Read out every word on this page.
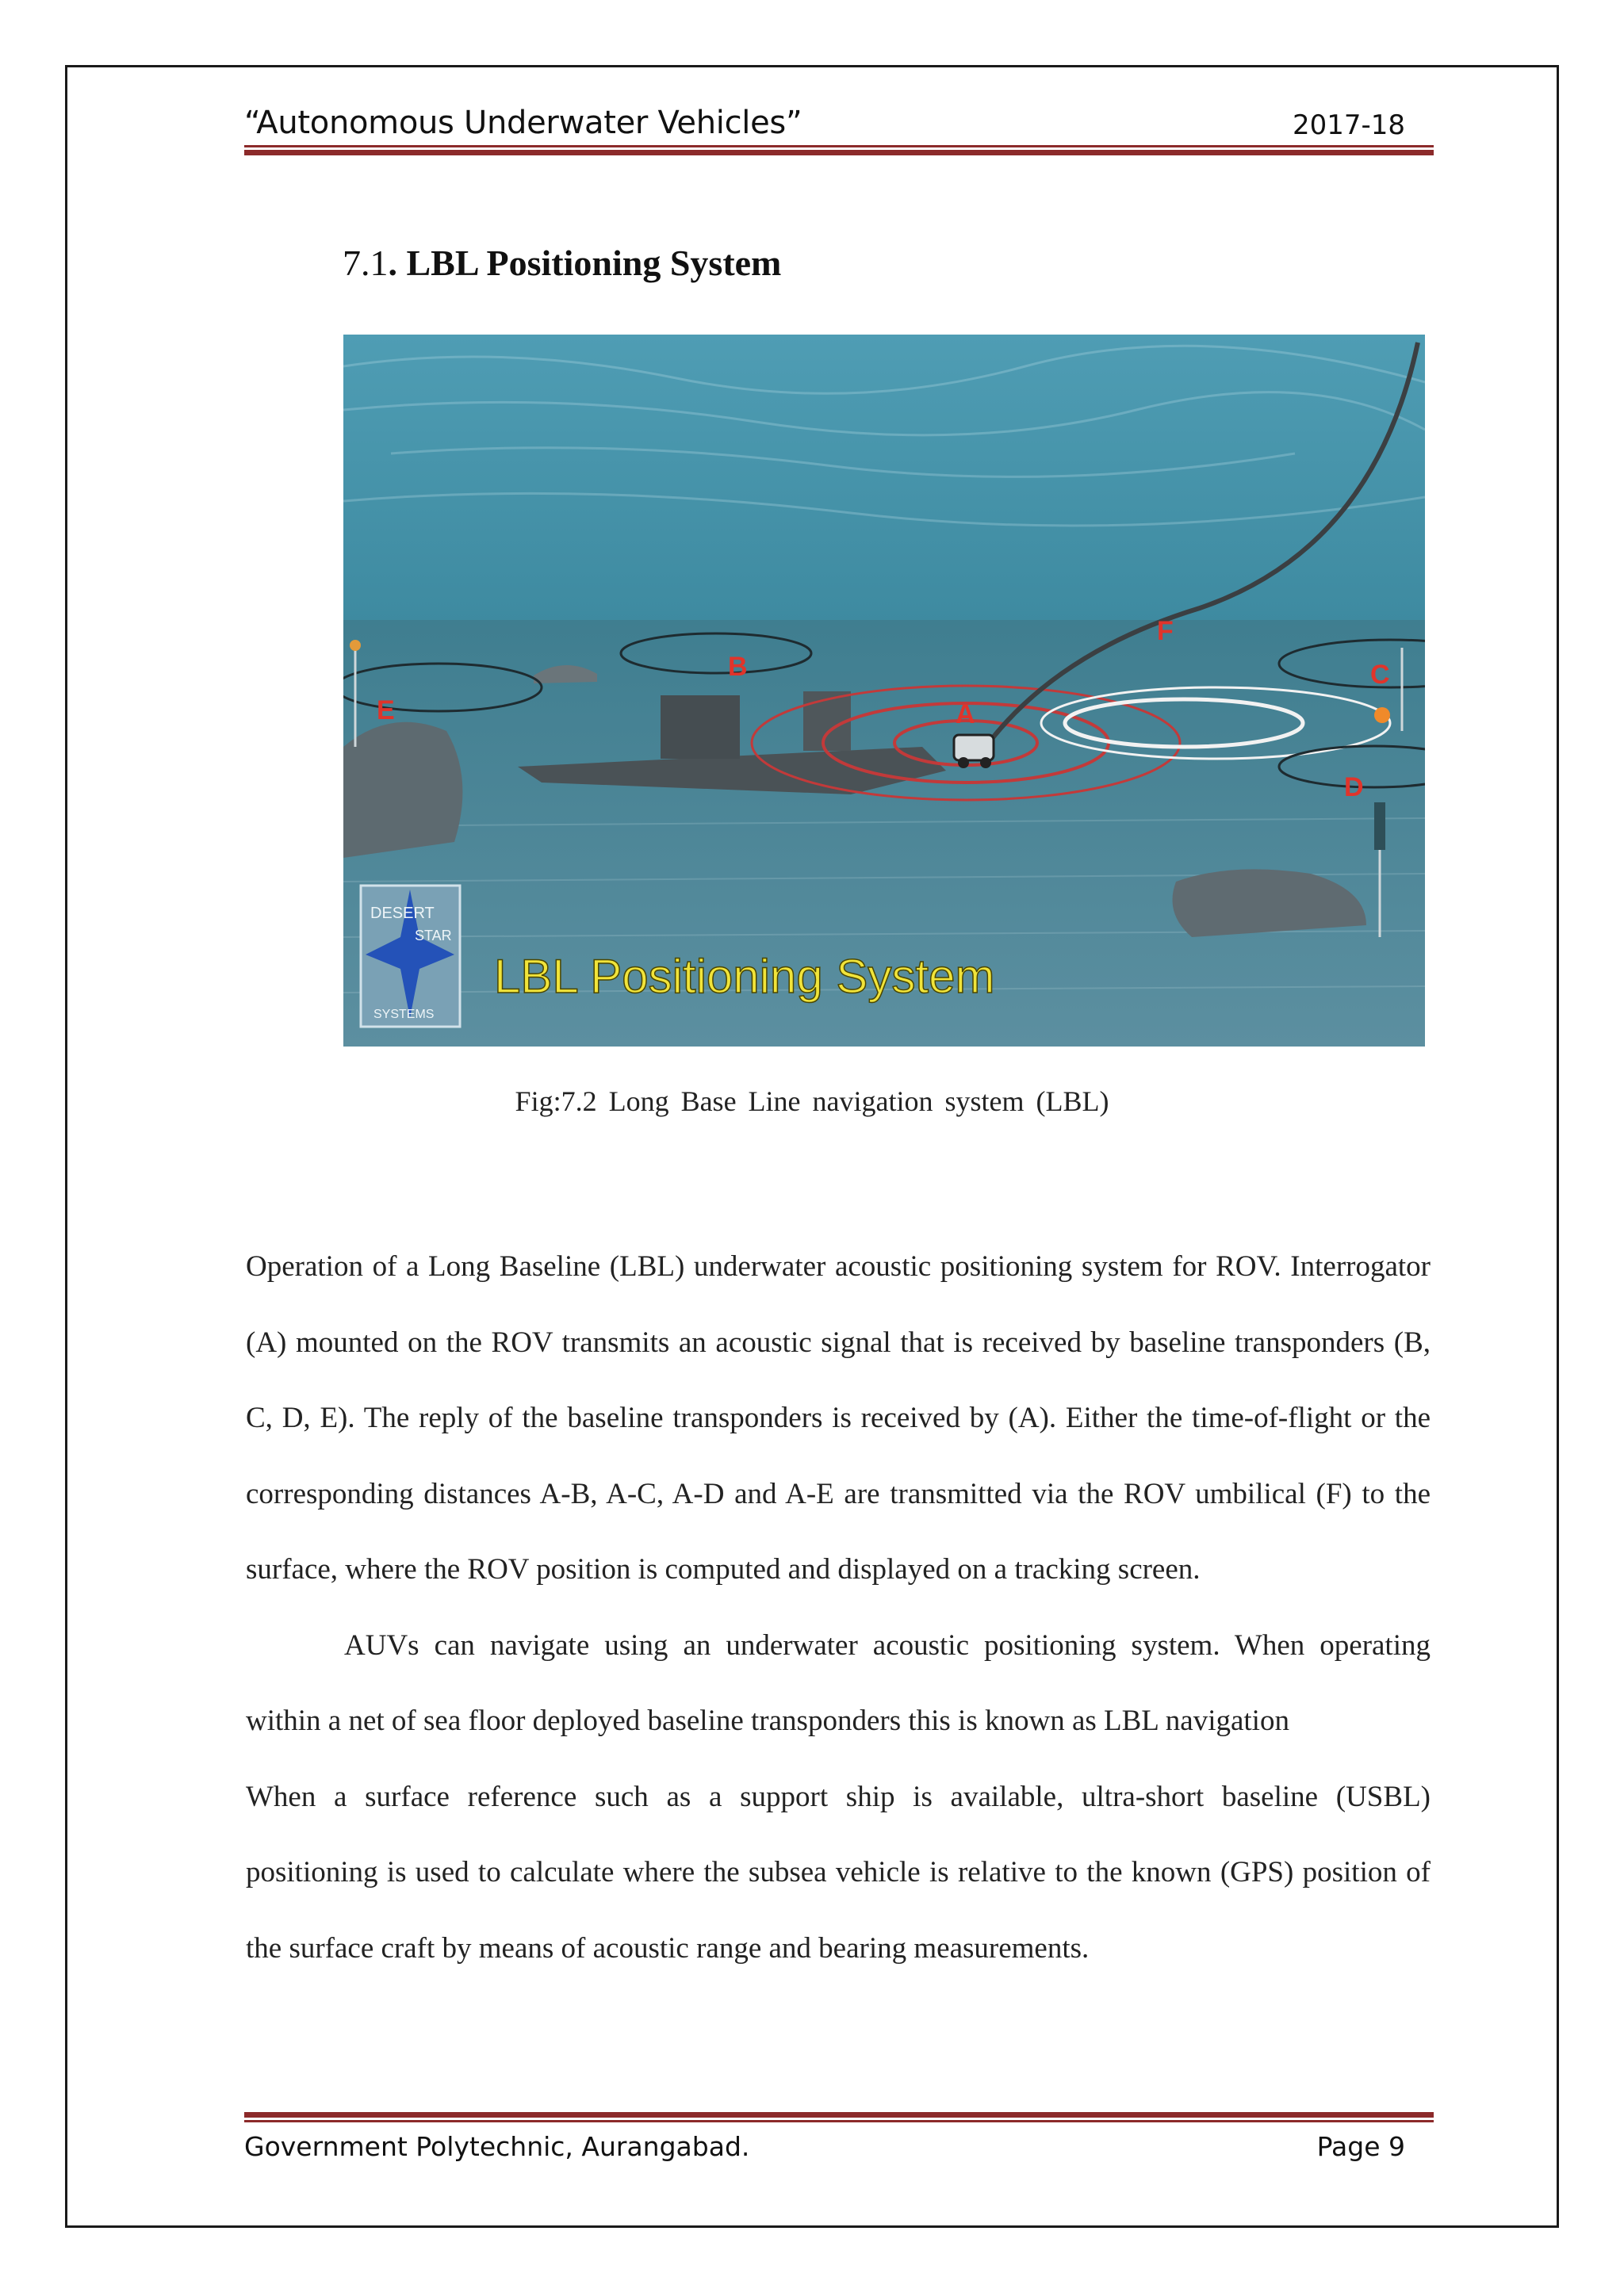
“Autonomous Underwater Vehicles”	2017-18
7.1. LBL Positioning System
A
B	C
D
E
F
DESERT
STAR
SYSTEMS
LBL Positioning System
Fig:7.2 Long Base Line navigation system (LBL)

Operation of a Long Baseline (LBL) underwater acoustic positioning system for ROV. Interrogator (A) mounted on the ROV transmits an acoustic signal that is received by baseline transponders (B, C, D, E). The reply of the baseline transponders is received by (A). Either the time-of-flight or the corresponding distances A-B, A-C, A-D and A-E are transmitted via the ROV umbilical (F) to the surface, where the ROV position is computed and displayed on a tracking screen.

AUVs can navigate using an underwater acoustic positioning system. When operating within a net of sea floor deployed baseline transponders this is known as LBL navigation

When a surface reference such as a support ship is available, ultra-short baseline (USBL) positioning is used to calculate where the subsea vehicle is relative to the known (GPS) position of the surface craft by means of acoustic range and bearing measurements.

Government Polytechnic, Aurangabad.	Page 9
